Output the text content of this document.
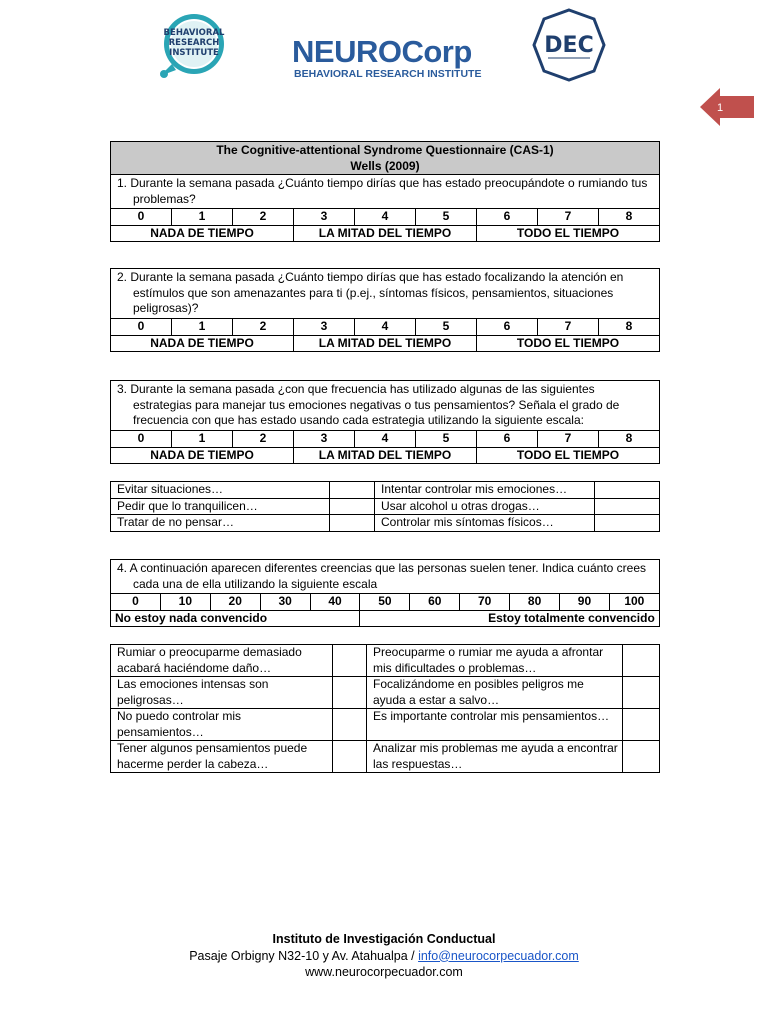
BEHAVIORAL
RESEARCH
INSTITUTE NEUROCorp
BEHAVIORAL RESEARCH INSTITUTE
DEC
1
The Cognitive-attentional Syndrome Questionnaire (CAS-1)
Wells (2009)								

1. Durante la semana pasada ¿Cuánto tiempo dirías que has estado preocupándote o rumiando tus problemas?								
0	1	2	3	4	5	6	7	8
NADA DE TIEMPO			LA MITAD DEL TIEMPO			TODO EL TIEMPO		
2. Durante la semana pasada ¿Cuánto tiempo dirías que has estado focalizando la atención en estímulos que son amenazantes para ti (p.ej., síntomas físicos, pensamientos, situaciones peligrosas)?								
0	1	2	3	4	5	6	7	8
NADA DE TIEMPO			LA MITAD DEL TIEMPO			TODO EL TIEMPO		
3. Durante la semana pasada ¿con que frecuencia has utilizado algunas de las siguientes estrategias para manejar tus emociones negativas o tus pensamientos? Señala el grado de frecuencia con que has estado usando cada estrategia utilizando la siguiente escala:								
0	1	2	3	4	5	6	7	8
NADA DE TIEMPO			LA MITAD DEL TIEMPO			TODO EL TIEMPO		
Evitar situaciones…		Intentar controlar mis emociones…	
Pedir que lo tranquilicen…		Usar alcohol u otras drogas…	
Tratar de no pensar…		Controlar mis síntomas físicos…	
4. A continuación aparecen diferentes creencias que las personas suelen tener. Indica cuánto crees cada una de ella utilizando la siguiente escala										
0	10	20	30	40	50	60	70	80	90	100
No estoy nada convencido					Estoy totalmente convencido					
Rumiar o preocuparme demasiado acabará haciéndome daño…		Preocuparme o rumiar me ayuda a afrontar mis dificultades o problemas…	
Las emociones intensas son peligrosas…		Focalizándome en posibles peligros me ayuda a estar a salvo…	
No puedo controlar mis pensamientos…		Es importante controlar mis pensamientos…	
Tener algunos pensamientos puede hacerme perder la cabeza…		Analizar mis problemas me ayuda a encontrar las respuestas…	
Instituto de Investigación Conductual
Pasaje Orbigny N32-10 y Av. Atahualpa / info@neurocorpecuador.com
www.neurocorpecuador.com
